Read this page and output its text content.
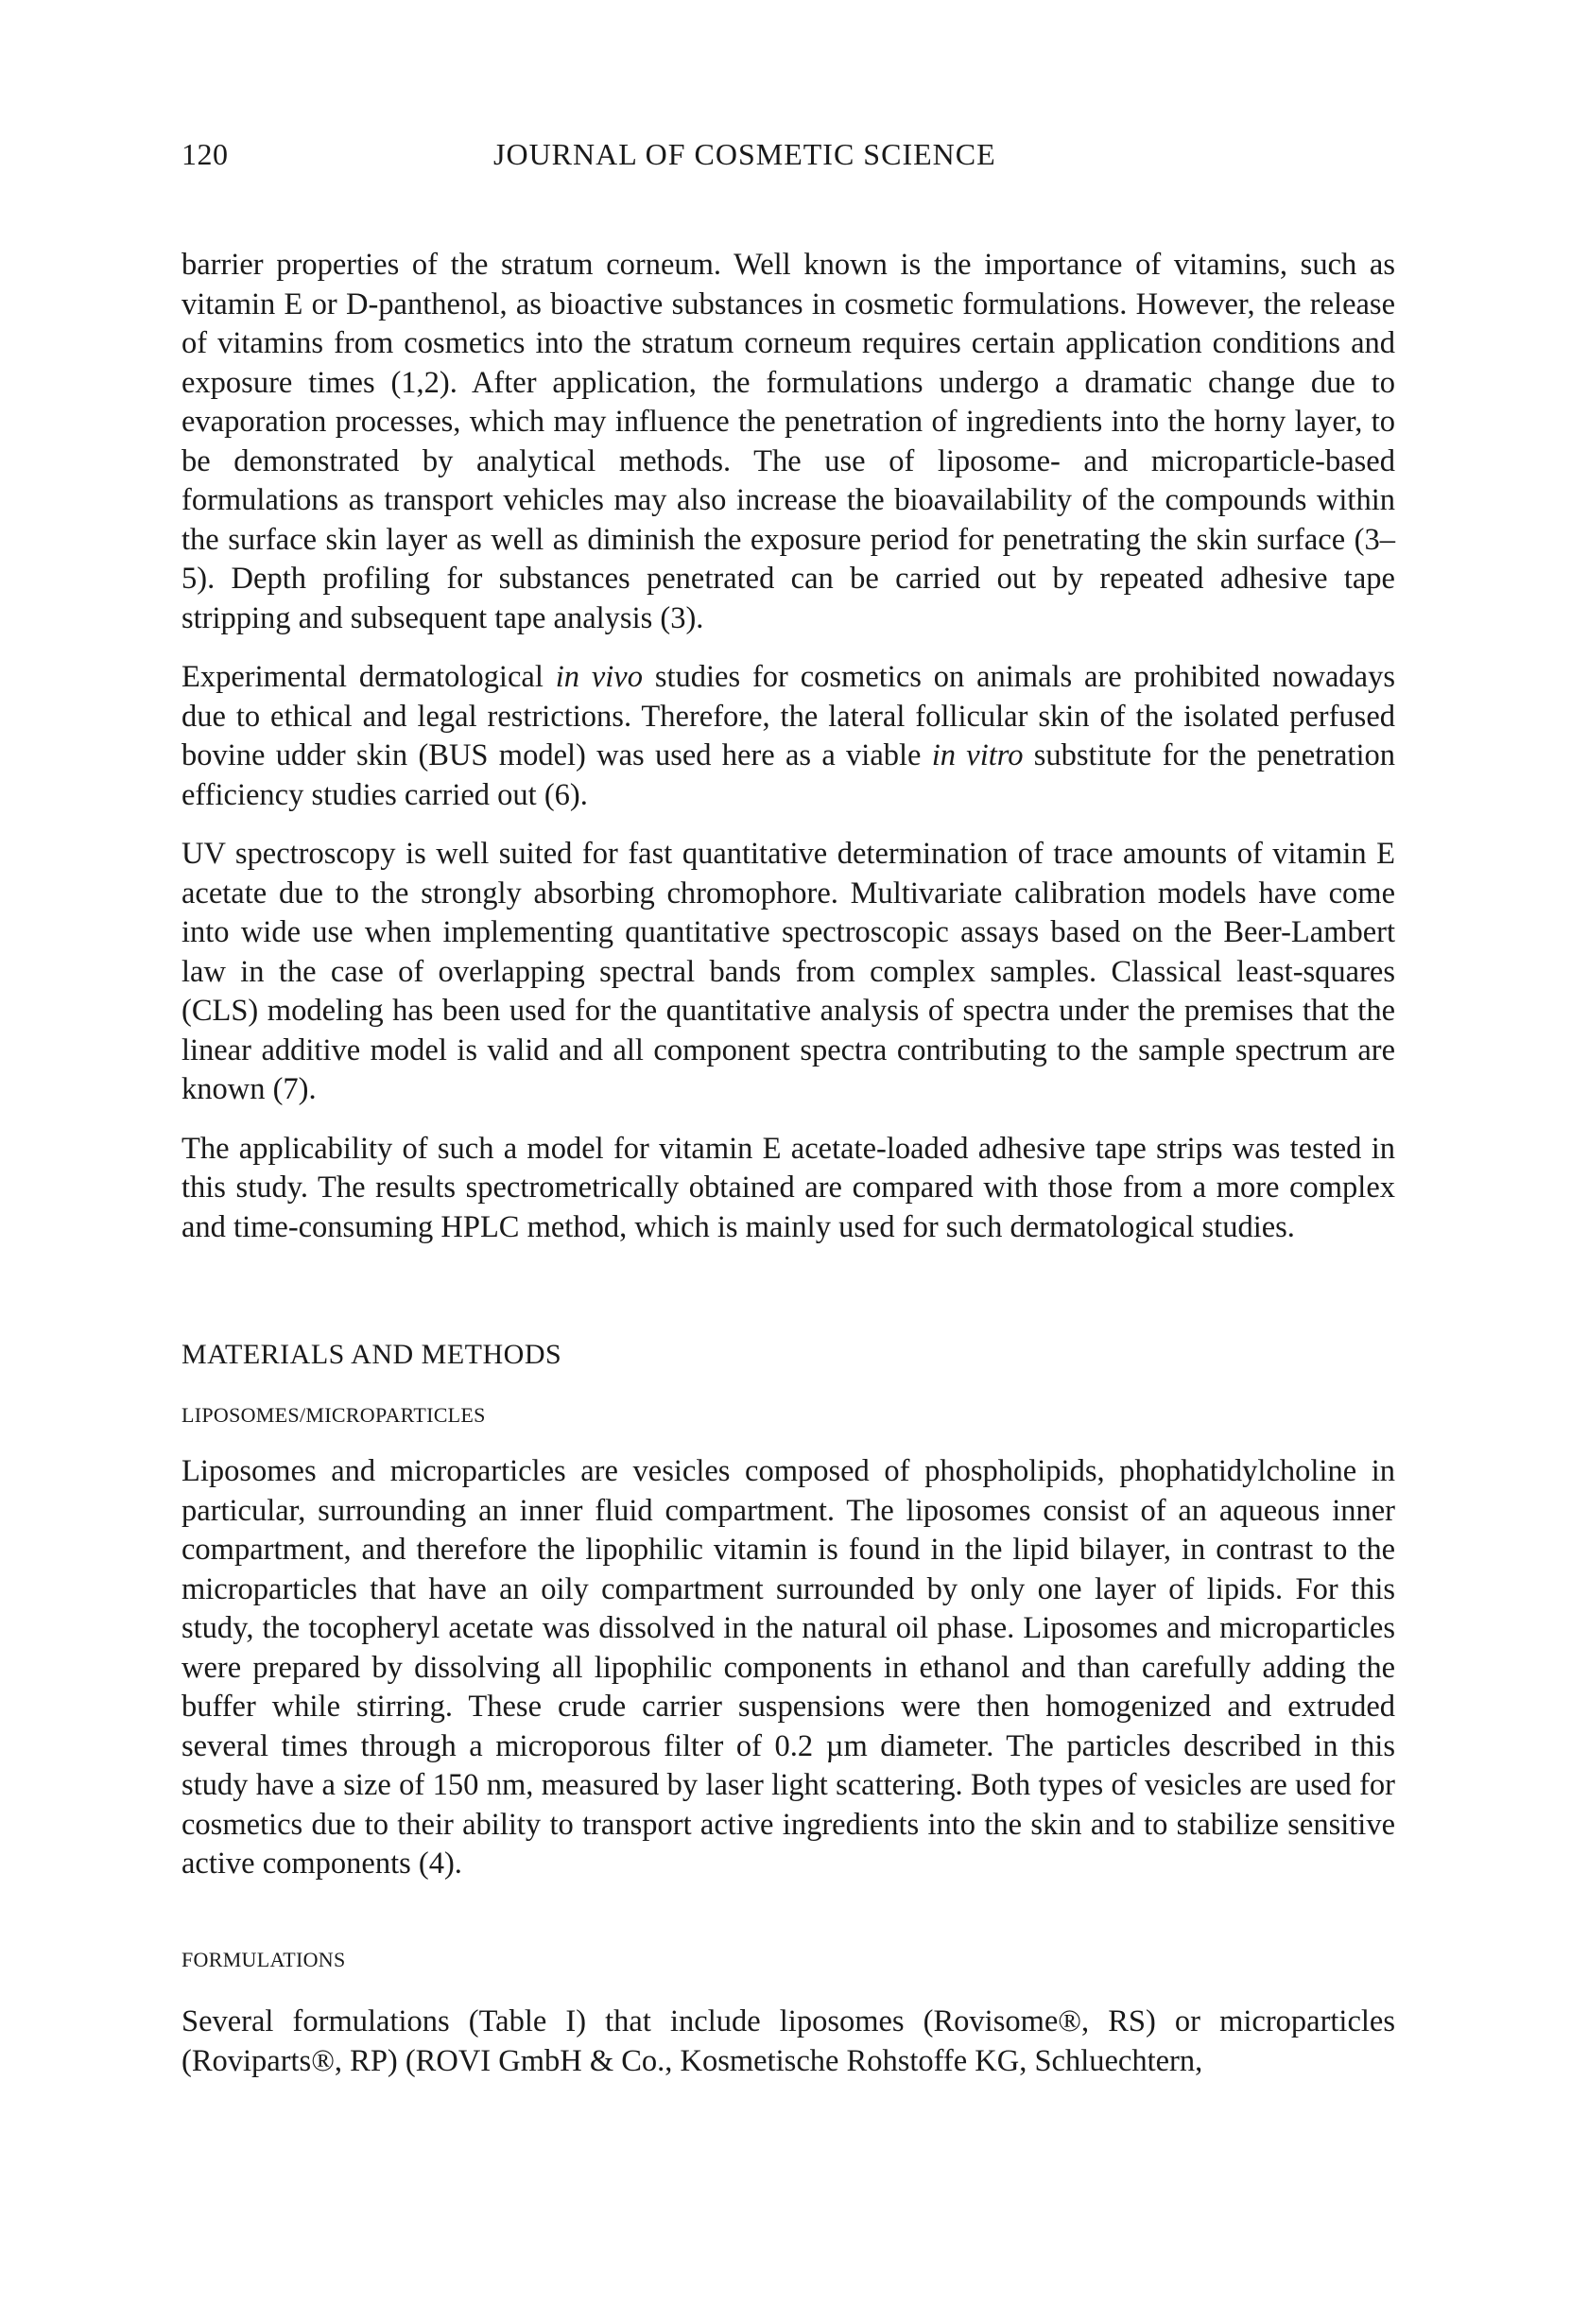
120	JOURNAL OF COSMETIC SCIENCE

barrier properties of the stratum corneum. Well known is the importance of vitamins, such as vitamin E or D-panthenol, as bioactive substances in cosmetic formulations. However, the release of vitamins from cosmetics into the stratum corneum requires certain application conditions and exposure times (1,2). After application, the formulations undergo a dramatic change due to evaporation processes, which may influence the penetration of ingredients into the horny layer, to be demonstrated by analytical methods. The use of liposome- and microparticle-based formulations as transport vehicles may also increase the bioavailability of the compounds within the surface skin layer as well as diminish the exposure period for penetrating the skin surface (3–5). Depth profiling for substances penetrated can be carried out by repeated adhesive tape stripping and subsequent tape analysis (3).

Experimental dermatological in vivo studies for cosmetics on animals are prohibited nowadays due to ethical and legal restrictions. Therefore, the lateral follicular skin of the isolated perfused bovine udder skin (BUS model) was used here as a viable in vitro substitute for the penetration efficiency studies carried out (6).

UV spectroscopy is well suited for fast quantitative determination of trace amounts of vitamin E acetate due to the strongly absorbing chromophore. Multivariate calibration models have come into wide use when implementing quantitative spectroscopic assays based on the Beer-Lambert law in the case of overlapping spectral bands from complex samples. Classical least-squares (CLS) modeling has been used for the quantitative analysis of spectra under the premises that the linear additive model is valid and all component spectra contributing to the sample spectrum are known (7).

The applicability of such a model for vitamin E acetate-loaded adhesive tape strips was tested in this study. The results spectrometrically obtained are compared with those from a more complex and time-consuming HPLC method, which is mainly used for such dermatological studies.

MATERIALS AND METHODS
LIPOSOMES/MICROPARTICLES

Liposomes and microparticles are vesicles composed of phospholipids, phophatidylcholine in particular, surrounding an inner fluid compartment. The liposomes consist of an aqueous inner compartment, and therefore the lipophilic vitamin is found in the lipid bilayer, in contrast to the microparticles that have an oily compartment surrounded by only one layer of lipids. For this study, the tocopheryl acetate was dissolved in the natural oil phase. Liposomes and microparticles were prepared by dissolving all lipophilic components in ethanol and than carefully adding the buffer while stirring. These crude carrier suspensions were then homogenized and extruded several times through a microporous filter of 0.2 µm diameter. The particles described in this study have a size of 150 nm, measured by laser light scattering. Both types of vesicles are used for cosmetics due to their ability to transport active ingredients into the skin and to stabilize sensitive active components (4).

FORMULATIONS

Several formulations (Table I) that include liposomes (Rovisome®, RS) or microparticles (Roviparts®, RP) (ROVI GmbH & Co., Kosmetische Rohstoffe KG, Schluechtern,
